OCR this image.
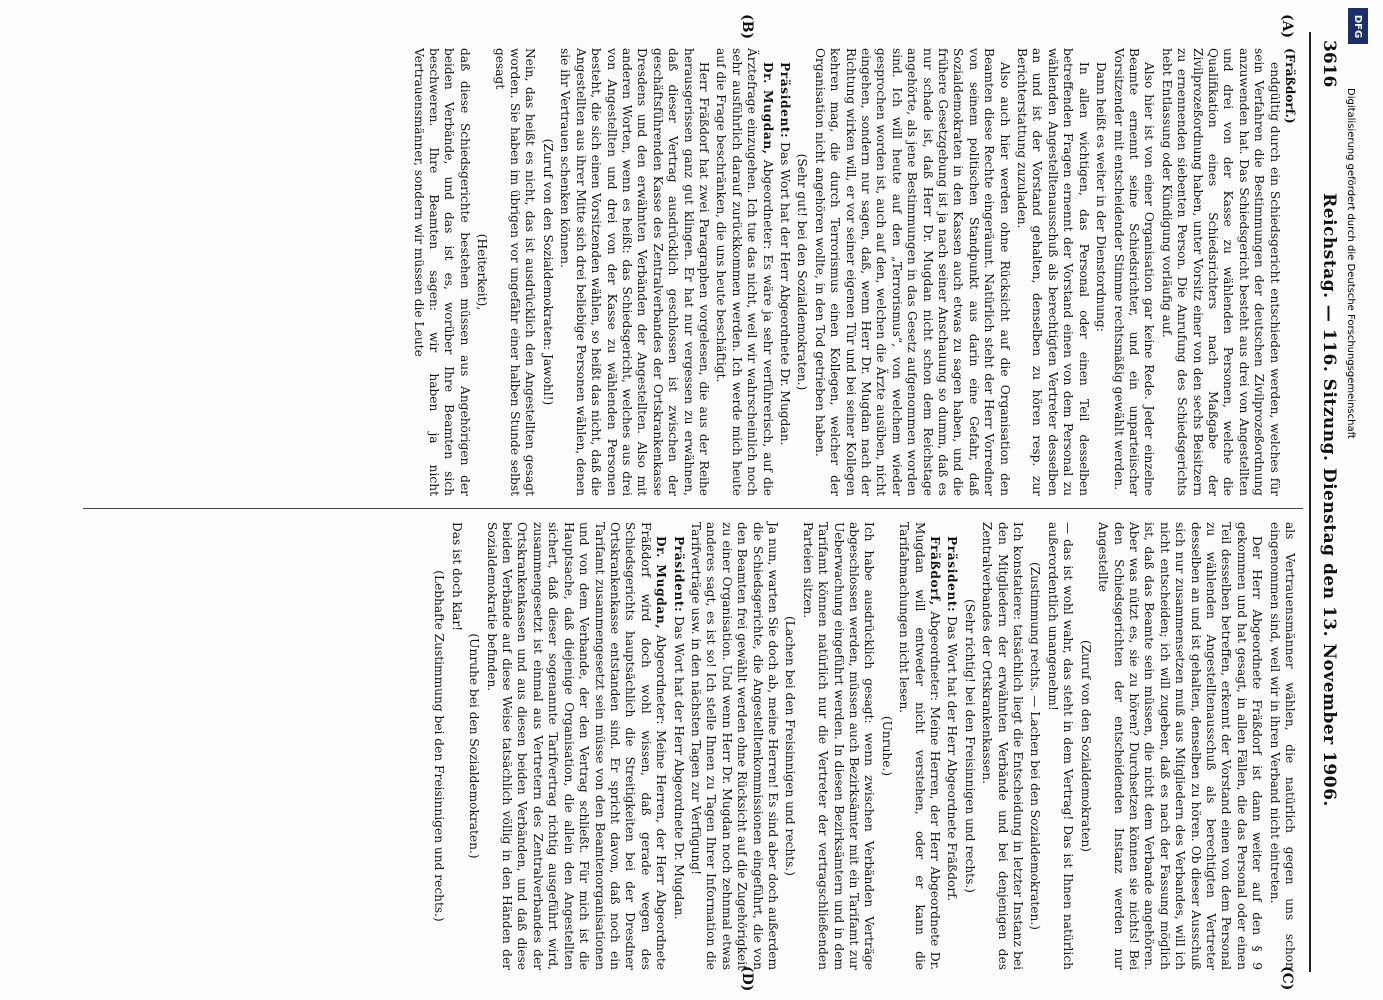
3616
Reichstag. — 116. Sitzung. Dienstag den 13. November 1906.
(A)
(B)
(C)
(D)
(Fräßdorf.)

endgültig durch ein Schiedsgericht entschieden werden, welches für sein Verfahren die Bestimmungen der deutschen Zivilprozeßordnung anzuwenden hat. Das Schiedsgericht besteht aus drei von Angestellten und drei von der Kasse zu wählenden Personen, welche die Qualifikation eines Schiedsrichters nach Maßgabe der Zivilprozeßordnung haben, unter Vorsitz einer von den sechs Beisitzern zu ernennenden siebenten Person. Die Anrufung des Schiedsgerichts hebt Entlassung oder Kündigung vorläufig auf.

Also hier ist von einer Organisation gar keine Rede. Jeder einzelne Beamte ernennt seine Schiedsrichter, und ein unparteiischer Vorsitzender mit entscheidender Stimme rechtsmäßig gewählt werden.

Dann heißt es weiter in der Dienstordnung:

In allen wichtigen, das Personal oder einen Teil desselben betreffenden Fragen ernennt der Vorstand einen von dem Personal zu wählenden Angestelltenausschuß als berechtigten Vertreter desselben an und ist der Vorstand gehalten, denselben zu hören resp. zur Berichterstattung zuzuladen.

Also auch hier werden ohne Rücksicht auf die Organisation den Beamten diese Rechte eingeräumt. Natürlich steht der Herr Vorredner von seinem politischen Standpunkt aus darin eine Gefahr, daß Sozialdemokraten in den Kassen auch etwas zu sagen haben, und die frühere Gesetzgebung ist ja nach seiner Anschauung so dumm, daß es nur schade ist, daß Herr Dr. Mugdan nicht schon dem Reichstage angehörte, als jene Bestimmungen in das Gesetz aufgenommen worden sind. Ich will heute auf den „Terrorismus“, von welchem wieder gesprochen worden ist, auch auf den, welchen die Ärzte ausüben, nicht eingehen, sondern nur sagen, daß, wenn Herr Dr. Mugdan nach der Richtung wirken will, er vor seiner eigenen Tür und bei seiner Kollegen kehren mag, die durch Terrorismus einen Kollegen, welcher der Organisation nicht angehören wollte, in den Tod getrieben haben.

(Sehr gut! bei den Sozialdemokraten.)

Präsident: Das Wort hat der Herr Abgeordnete Dr. Mugdan.

Dr. Mugdan, Abgeordneter: Es wäre ja sehr verführerisch, auf die Ärztefrage einzugehen. Ich tue das nicht, weil wir wahrscheinlich noch sehr ausführlich darauf zurückkommen werden. Ich werde mich heute auf die Frage beschränken, die uns heute beschäftigt.

Herr Fräßdorf hat zwei Paragraphen vorgelesen, die aus der Reihe herausgerissen ganz gut klingen. Er hat nur vergessen zu erwähnen, daß dieser Vertrag ausdrücklich geschlossen ist zwischen der geschäftsführenden Kasse des Zentralverbandes der Ortskrankenkasse Dresdens und den erwähnten Verbänden der Angestellten. Also mit anderen Worten, wenn es heißt: das Schiedsgericht, welches aus drei von Angestellten und drei von der Kasse zu wählenden Personen besteht, die sich einen Vorsitzenden wählen, so heißt das nicht, daß die Angestellten aus ihrer Mitte sich drei beliebige Personen wählen, denen sie ihr Vertrauen schenken können.

(Zuruf von den Sozialdemokraten: Jawohl!)

Nein, das heißt es nicht, das ist ausdrücklich den Angestellten gesagt worden. Sie haben im übrigen vor ungefähr einer halben Stunde selbst gesagt

(Heiterkeit),

daß diese Schiedsgerichte bestehen müssen aus Angehörigen der beiden Verbände, und das ist es, worüber Ihre Beamten sich beschweren. Ihre Beamten sagen: wir haben ja nicht Vertrauensmänner, sondern wir müssen die Leute

als Vertrauensmänner wählen, die natürlich gegen uns schon eingenommen sind, weil wir in ihren Verband nicht eintreten.

Der Herr Abgeordnete Fräßdorf ist dann weiter auf den § 9 gekommen und hat gesagt, in allen Fällen, die das Personal oder einen Teil desselben betreffen, erkennt der Vorstand einen von dem Personal zu wählenden Angestelltenausschuß als berechtigten Vertreter desselben an und ist gehalten, denselben zu hören. Ob dieser Ausschuß sich nur zusammensetzen muß aus Mitgliedern des Verbandes, will ich nicht entscheiden; ich will zugeben, daß es nach der Fassung möglich ist, daß das Beamte sein müssen, die nicht dem Verbande angehören. Aber was nützt es, sie zu hören? Durchsetzen können sie nichts! Bei den Schiedsgerichten der entscheidenden Instanz werden nur Angestellte

(Zuruf von den Sozialdemokraten)

— das ist wohl wahr, das steht in dem Vertrag! Das ist Ihnen natürlich außerordentlich unangenehm!

(Zustimmung rechts. — Lachen bei den Sozialdemokraten.)

Ich konstatiere: tatsächlich liegt die Entscheidung in letzter Instanz bei den Mitgliedern der erwähnten Verbände und bei denjenigen des Zentralverbandes der Ortskrankenkassen.

(Sehr richtig! bei den Freisinnigen und rechts.)

Präsident: Das Wort hat der Herr Abgeordnete Fräßdorf.

Fräßdorf, Abgeordneter: Meine Herren, der Herr Abgeordnete Dr. Mugdan will entweder nicht verstehen, oder er kann die Tarifabmachungen nicht lesen.

(Unruhe.)

Ich habe ausdrücklich gesagt: wenn zwischen Verbänden Verträge abgeschlossen werden, müssen auch Bezirksämter mit ein Tarifamt zur Ueberwachung eingeführt werden. In diesen Bezirksämtern und in dem Tarifamt können natürlich nur die Vertreter der vertragschließenden Parteien sitzen.

(Lachen bei den Freisinnigen und rechts.)

Ja nun, warten Sie doch ab, meine Herren! Es sind aber doch außerdem die Schiedsgerichte, die Angestelltenkommissionen eingeführt, die von den Beamten frei gewählt werden ohne Rücksicht auf die Zugehörigkeit zu einer Organisation. Und wenn Herr Dr. Mugdan noch zehnmal etwas anderes sagt, es ist so! Ich stelle Ihnen zu Tagen Ihrer Information die Tarifverträge usw. in den nächsten Tagen zur Verfügung!

Präsident: Das Wort hat der Herr Abgeordnete Dr. Mugdan.

Dr. Mugdan, Abgeordneter: Meine Herren, der Herr Abgeordnete Fräßdorf wird doch wohl wissen, daß gerade wegen des Schiedsgerichts hauptsächlich die Streitigkeiten bei der Dresdner Ortskrankenkasse entstanden sind. Er spricht davon, daß noch ein Tarifamt zusammengesetzt sein müsse von den Beamtenorganisationen und von dem Verbande, der den Vertrag schließt. Für mich ist die Hauptsache, daß diejenige Organisation, die allein den Angestellten sichert, daß dieser sogenannte Tarifvertrag richtig ausgeführt wird, zusammengesetzt ist einmal aus Vertretern des Zentralverbandes der Ortskrankenkassen und aus diesen beiden Verbänden, und daß diese beiden Verbände auf diese Weise tatsächlich völlig in den Händen der Sozialdemokratie befinden.

(Unruhe bei den Sozialdemokraten.)

Das ist doch klar!

(Lebhafte Zustimmung bei den Freisinnigen und rechts.)

DFG
Digitalisierung gefördert durch die Deutsche Forschungsgemeinschaft
